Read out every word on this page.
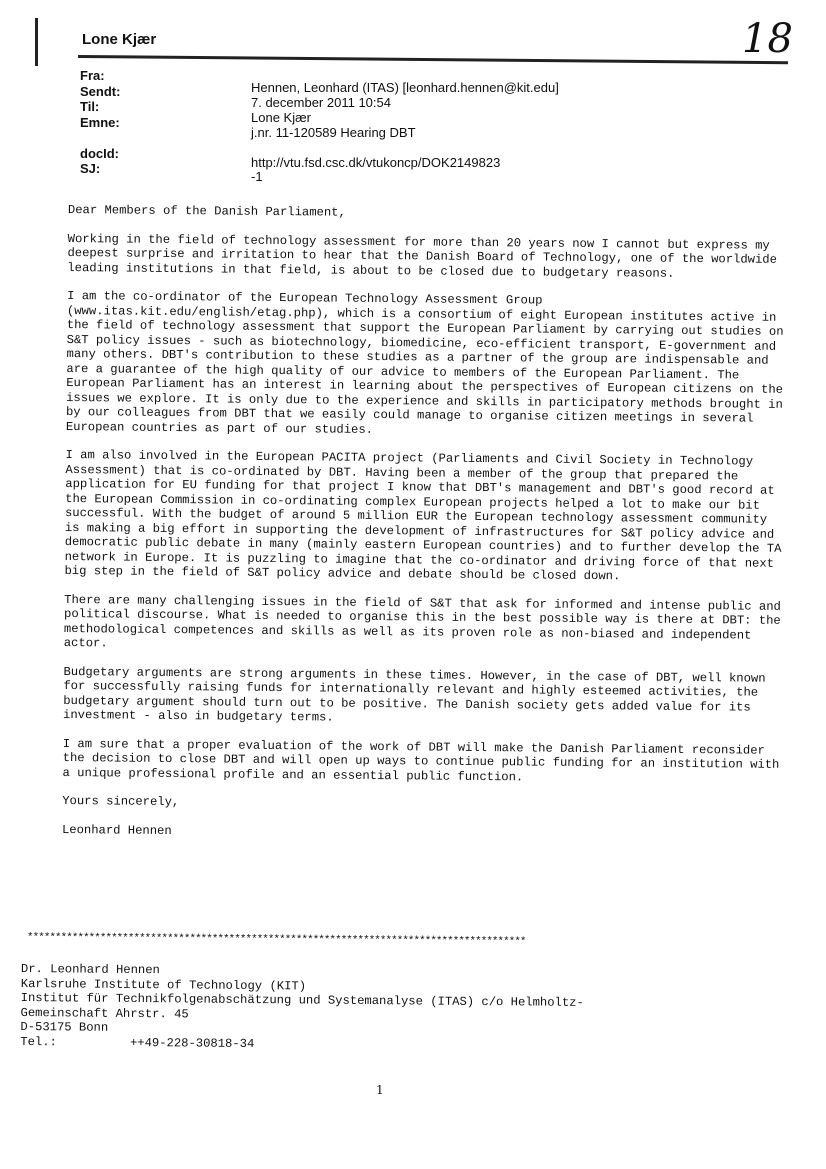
Lone Kjær	18
Fra:
Sendt:
Til:
Emne:
docId:
SJ:
Hennen, Leonhard (ITAS) [leonhard.hennen@kit.edu]
7. december 2011 10:54
Lone Kjær
j.nr. 11-120589 Hearing DBT
http://vtu.fsd.csc.dk/vtukoncp/DOK2149823
-1

Dear Members of the Danish Parliament,

Working in the field of technology assessment for more than 20 years now I cannot but express my deepest surprise and irritation to hear that the Danish Board of Technology, one of the worldwide leading institutions in that field, is about to be closed due to budgetary reasons.

I am the co-ordinator of the European Technology Assessment Group (www.itas.kit.edu/english/etag.php), which is a consortium of eight European institutes active in the field of technology assessment that support the European Parliament by carrying out studies on S&T policy issues - such as biotechnology, biomedicine, eco-efficient transport, E-government and many others. DBT's contribution to these studies as a partner of the group are indispensable and are a guarantee of the high quality of our advice to members of the European Parliament. The European Parliament has an interest in learning about the perspectives of European citizens on the issues we explore. It is only due to the experience and skills in participatory methods brought in by our colleagues from DBT that we easily could manage to organise citizen meetings in several European countries as part of our studies.

I am also involved in the European PACITA project (Parliaments and Civil Society in Technology Assessment) that is co-ordinated by DBT. Having been a member of the group that prepared the application for EU funding for that project I know that DBT's management and DBT's good record at the European Commission in co-ordinating complex European projects helped a lot to make our bit successful. With the budget of around 5 million EUR the European technology assessment community is making a big effort in supporting the development of infrastructures for S&T policy advice and democratic public debate in many (mainly eastern European countries) and to further develop the TA network in Europe. It is puzzling to imagine that the co-ordinator and driving force of that next big step in the field of S&T policy advice and debate should be closed down.

There are many challenging issues in the field of S&T that ask for informed and intense public and political discourse. What is needed to organise this in the best possible way is there at DBT: the methodological competences and skills as well as its proven role as non-biased and independent actor.

Budgetary arguments are strong arguments in these times. However, in the case of DBT, well known for successfully raising funds for internationally relevant and highly esteemed activities, the budgetary argument should turn out to be positive. The Danish society gets added value for its investment - also in budgetary terms.

I am sure that a proper evaluation of the work of DBT will make the Danish Parliament reconsider the decision to close DBT and will open up ways to continue public funding for an institution with a unique professional profile and an essential public function.

Yours sincerely,

Leonhard Hennen

*****************************************************************************************
Dr. Leonhard Hennen
Karlsruhe Institute of Technology (KIT)
Institut für Technikfolgenabschätzung und Systemanalyse (ITAS) c/o Helmholtz-
Gemeinschaft Ahrstr. 45
D-53175 Bonn
Tel.:          ++49-228-30818-34
1
